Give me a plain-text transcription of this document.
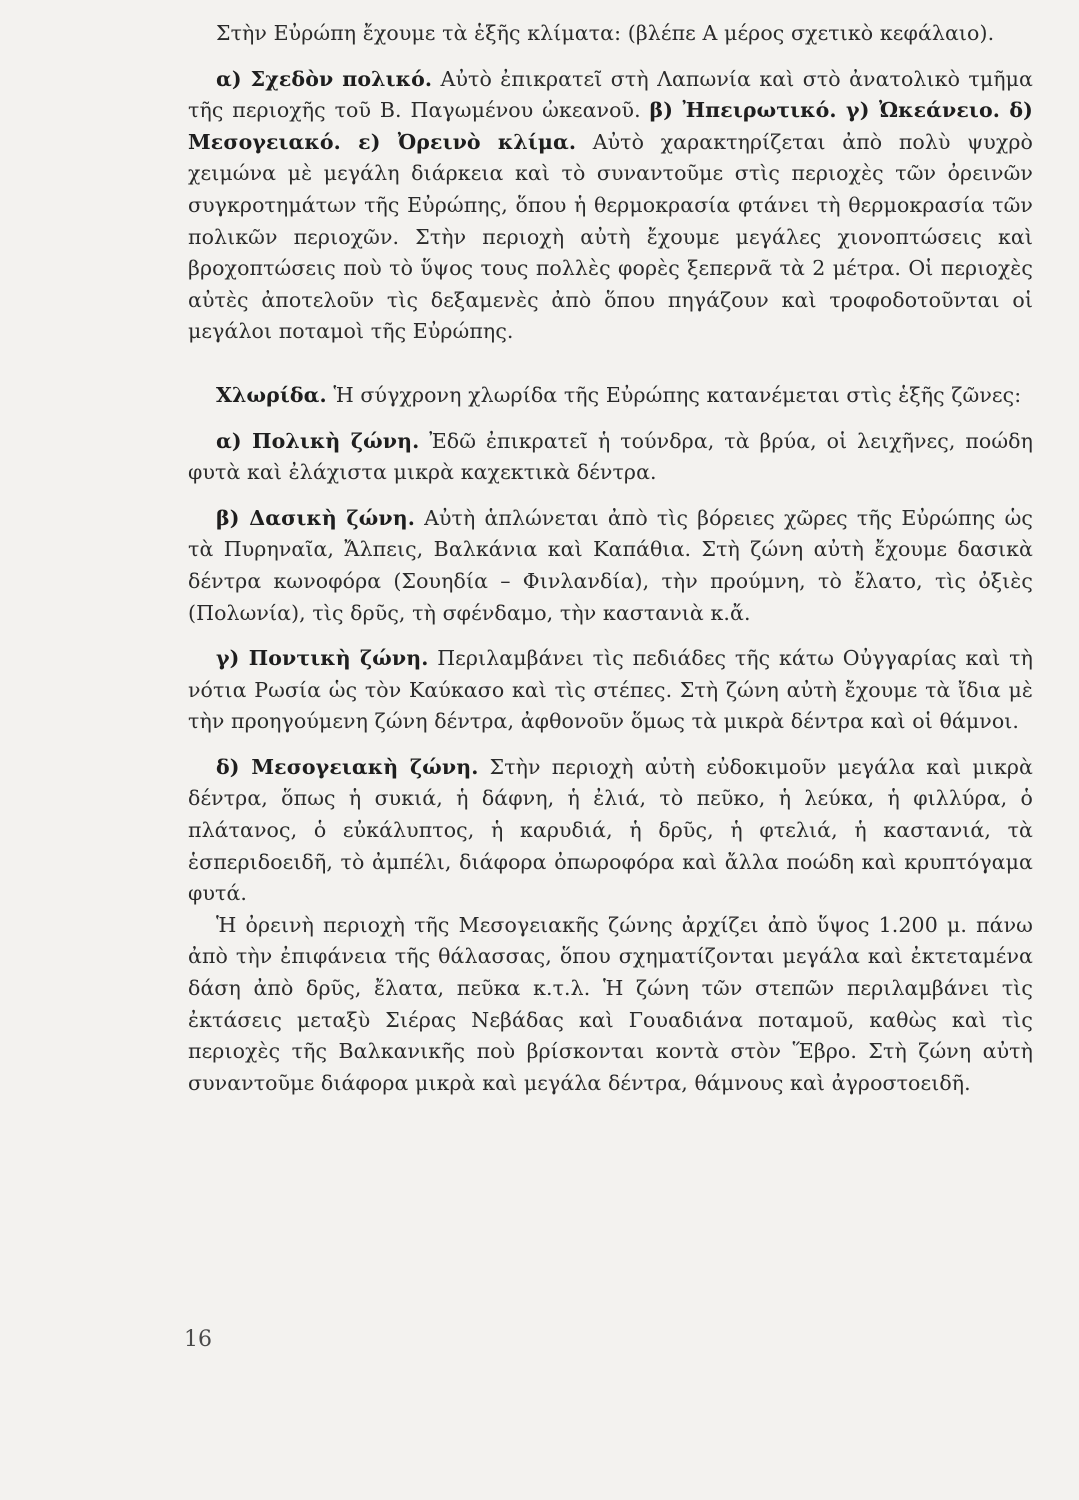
Στὴν Εὐρώπη ἔχουμε τὰ ἑξῆς κλίματα: (βλέπε Α μέρος σχετικὸ κεφάλαιο).

α) Σχεδὸν πολικό. Αὐτὸ ἐπικρατεῖ στὴ Λαπωνία καὶ στὸ ἀνατολικὸ τμῆμα τῆς περιοχῆς τοῦ Β. Παγωμένου ὠκεανοῦ. β) Ἠπειρωτικό. γ) Ὠκεάνειο. δ) Μεσογειακό. ε) Ὀρεινὸ κλίμα. Αὐτὸ χαρακτηρίζεται ἀπὸ πολὺ ψυχρὸ χειμώνα μὲ μεγάλη διάρκεια καὶ τὸ συναντοῦμε στὶς περιοχὲς τῶν ὀρεινῶν συγκροτημάτων τῆς Εὐρώπης, ὅπου ἡ θερμοκρασία φτάνει τὴ θερμοκρασία τῶν πολικῶν περιοχῶν. Στὴν περιοχὴ αὐτὴ ἔχουμε μεγάλες χιονοπτώσεις καὶ βροχοπτώσεις ποὺ τὸ ὕψος τους πολλὲς φορὲς ξεπερνᾶ τὰ 2 μέτρα. Οἱ περιοχὲς αὐτὲς ἀποτελοῦν τὶς δεξαμενὲς ἀπὸ ὅπου πηγάζουν καὶ τροφοδοτοῦνται οἱ μεγάλοι ποταμοὶ τῆς Εὐρώπης.

Χλωρίδα. Ἡ σύγχρονη χλωρίδα τῆς Εὐρώπης κατανέμεται στὶς ἑξῆς ζῶνες:

α) Πολικὴ ζώνη. Ἐδῶ ἐπικρατεῖ ἡ τούνδρα, τὰ βρύα, οἱ λειχῆνες, ποώδη φυτὰ καὶ ἐλάχιστα μικρὰ καχεκτικὰ δέντρα.

β) Δασικὴ ζώνη. Αὐτὴ ἁπλώνεται ἀπὸ τὶς βόρειες χῶρες τῆς Εὐρώπης ὡς τὰ Πυρηναῖα, Ἄλπεις, Βαλκάνια καὶ Καπάθια. Στὴ ζώνη αὐτὴ ἔχουμε δασικὰ δέντρα κωνοφόρα (Σουηδία – Φινλανδία), τὴν προύμνη, τὸ ἔλατο, τὶς ὀξιὲς (Πολωνία), τὶς δρῦς, τὴ σφένδαμο, τὴν καστανιὰ κ.ἄ.

γ) Ποντικὴ ζώνη. Περιλαμβάνει τὶς πεδιάδες τῆς κάτω Οὐγγαρίας καὶ τὴ νότια Ρωσία ὡς τὸν Καύκασο καὶ τὶς στέπες. Στὴ ζώνη αὐτὴ ἔχουμε τὰ ἴδια μὲ τὴν προηγούμενη ζώνη δέντρα, ἀφθονοῦν ὅμως τὰ μικρὰ δέντρα καὶ οἱ θάμνοι.

δ) Μεσογειακὴ ζώνη. Στὴν περιοχὴ αὐτὴ εὐδοκιμοῦν μεγάλα καὶ μικρὰ δέντρα, ὅπως ἡ συκιά, ἡ δάφνη, ἡ ἐλιά, τὸ πεῦκο, ἡ λεύκα, ἡ φιλλύρα, ὁ πλάτανος, ὁ εὐκάλυπτος, ἡ καρυδιά, ἡ δρῦς, ἡ φτελιά, ἡ καστανιά, τὰ ἑσπεριδοειδῆ, τὸ ἀμπέλι, διάφορα ὀπωροφόρα καὶ ἄλλα ποώδη καὶ κρυπτόγαμα φυτά.

Ἡ ὀρεινὴ περιοχὴ τῆς Μεσογειακῆς ζώνης ἀρχίζει ἀπὸ ὕψος 1.200 μ. πάνω ἀπὸ τὴν ἐπιφάνεια τῆς θάλασσας, ὅπου σχηματίζονται μεγάλα καὶ ἐκτεταμένα δάση ἀπὸ δρῦς, ἔλατα, πεῦκα κ.τ.λ. Ἡ ζώνη τῶν στεπῶν περιλαμβάνει τὶς ἐκτάσεις μεταξὺ Σιέρας Νεβάδας καὶ Γουαδιάνα ποταμοῦ, καθὼς καὶ τὶς περιοχὲς τῆς Βαλκανικῆς ποὺ βρίσκονται κοντὰ στὸν Ἕβρο. Στὴ ζώνη αὐτὴ συναντοῦμε διάφορα μικρὰ καὶ μεγάλα δέντρα, θάμνους καὶ ἀγροστοειδῆ.

16
